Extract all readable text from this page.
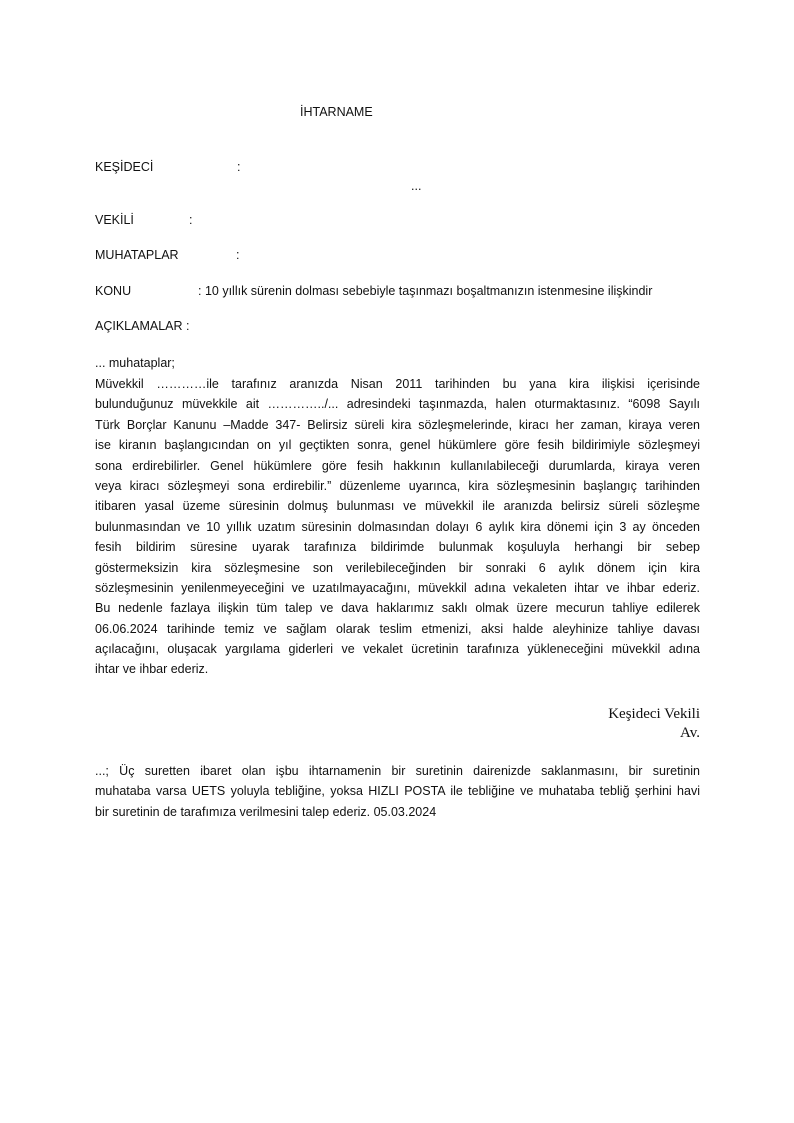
İHTARNAME
KEŞİDECİ	:
...
VEKİLİ	:
MUHATAPLAR	:
KONU	: 10 yıllık sürenin dolması sebebiyle taşınmazı boşaltmanızın istenmesine ilişkindir
AÇIKLAMALAR :
... muhataplar;
Müvekkil …………ile tarafınız aranızda Nisan 2011 tarihinden bu yana kira ilişkisi içerisinde
bulunduğunuz müvekkile ait …………../... adresindeki taşınmazda, halen oturmaktasınız. “6098 Sayılı
Türk Borçlar Kanunu –Madde 347- Belirsiz süreli kira sözleşmelerinde, kiracı her zaman, kiraya veren
ise kiranın başlangıcından on yıl geçtikten sonra, genel hükümlere göre fesih bildirimiyle sözleşmeyi
sona erdirebilirler. Genel hükümlere göre fesih hakkının kullanılabileceği durumlarda, kiraya veren
veya kiracı sözleşmeyi sona erdirebilir.” düzenleme uyarınca, kira sözleşmesinin başlangıç tarihinden
itibaren yasal üzeme süresinin dolmuş bulunması ve müvekkil ile aranızda belirsiz süreli sözleşme
bulunmasından ve 10 yıllık uzatım süresinin dolmasından dolayı 6 aylık kira dönemi için 3 ay önceden
fesih bildirim süresine uyarak tarafınıza bildirimde bulunmak koşuluyla herhangi bir sebep
göstermeksizin kira sözleşmesine son verilebileceğinden bir sonraki 6 aylık dönem için kira
sözleşmesinin yenilenmeyeceğini ve uzatılmayacağını, müvekkil adına vekaleten ihtar ve ihbar ederiz.
Bu nedenle fazlaya ilişkin tüm talep ve dava haklarımız saklı olmak üzere mecurun tahliye edilerek
06.06.2024 tarihinde temiz ve sağlam olarak teslim etmenizi, aksi halde aleyhinize tahliye davası
açılacağını, oluşacak yargılama giderleri ve vekalet ücretinin tarafınıza yükleneceğini müvekkil adına
ihtar ve ihbar ederiz.
Keşideci Vekili
Av.
...; Üç suretten ibaret olan işbu ihtarnamenin bir suretinin dairenizde saklanmasını, bir suretinin
muhataba varsa UETS yoluyla tebliğine, yoksa HIZLI POSTA ile tebliğine ve muhataba tebliğ şerhini havi
bir suretinin de tarafımıza verilmesini talep ederiz. 05.03.2024
